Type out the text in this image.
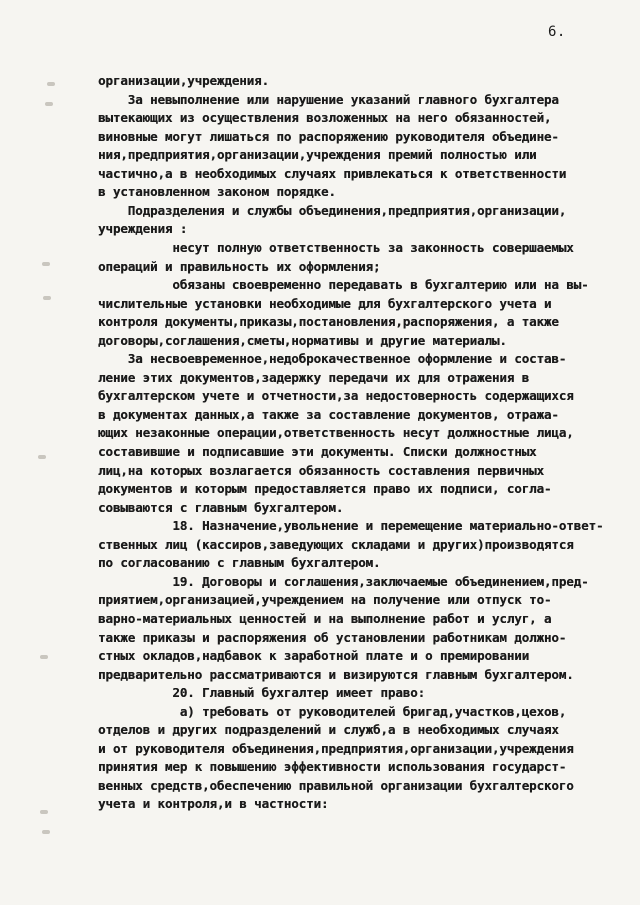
6.
организации,учреждения.
За невыполнение или нарушение указаний главного бухгалтера
вытекающих из осуществления возложенных на него обязанностей,
виновные могут лишаться по распоряжению руководителя объедине-
ния,предприятия,организации,учреждения премий полностью или
частично,а в необходимых случаях привлекаться к ответственности
в установленном законом порядке.
Подразделения и службы объединения,предприятия,организации,
учреждения :
несут полную ответственность за законность совершаемых
операций и правильность их оформления;
обязаны своевременно передавать в бухгалтерию или на вы-
числительные установки необходимые для бухгалтерского учета и
контроля документы,приказы,постановления,распоряжения, а также
договоры,соглашения,сметы,нормативы и другие материалы.
За несвоевременное,недоброкачественное оформление и состав-
ление этих документов,задержку передачи их для отражения в
бухгалтерском учете и отчетности,за недостоверность содержащихся
в документах данных,а также за составление документов, отража-
ющих незаконные операции,ответственность несут должностные лица,
составившие и подписавшие эти документы. Списки должностных
лиц,на которых возлагается обязанность составления первичных
документов и которым предоставляется право их подписи, согла-
совываются с главным бухгалтером.
18. Назначение,увольнение и перемещение материально-ответ-
ственных лиц (кассиров,заведующих складами и других)производятся
по согласованию с главным бухгалтером.
19. Договоры и соглашения,заключаемые объединением,пред-
приятием,организацией,учреждением на получение или отпуск то-
варно-материальных ценностей и на выполнение работ и услуг, а
также приказы и распоряжения об установлении работникам должно-
стных окладов,надбавок к заработной плате и о премировании
предварительно рассматриваются и визируются главным бухгалтером.
20. Главный бухгалтер имеет право:
а) требовать от руководителей бригад,участков,цехов,
отделов и других подразделений и служб,а в необходимых случаях
и от руководителя объединения,предприятия,организации,учреждения
принятия мер к повышению эффективности использования государст-
венных средств,обеспечению правильной организации бухгалтерского
учета и контроля,и в частности:
